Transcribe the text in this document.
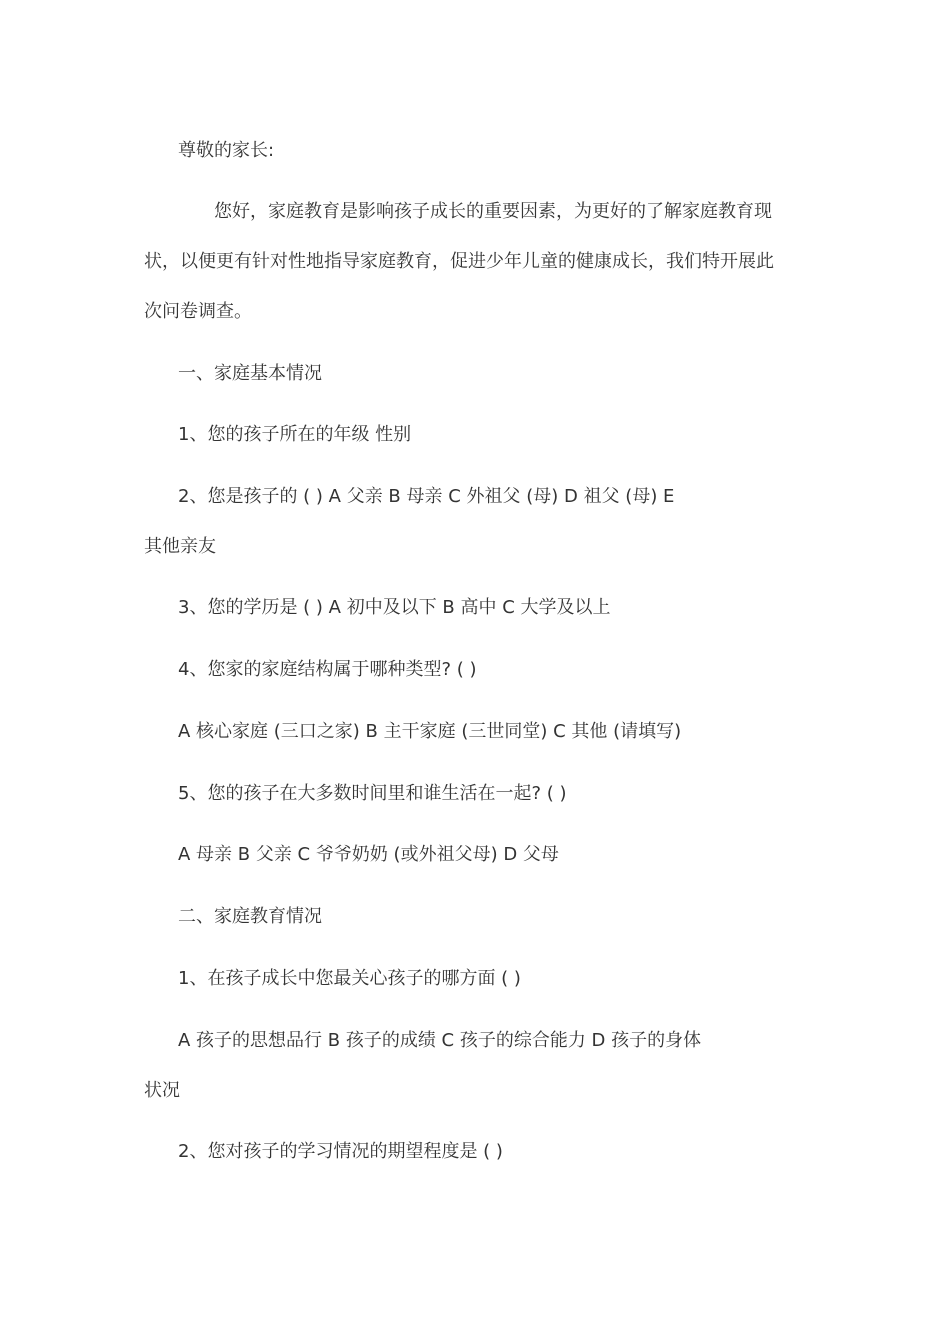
尊敬的家长:
您好，家庭教育是影响孩子成长的重要因素，为更好的了解家庭教育现
状，以便更有针对性地指导家庭教育，促进少年儿童的健康成长，我们特开展此
次问卷调查。
一、家庭基本情况
1、您的孩子所在的年级 性别
2、您是孩子的 ( ) A 父亲 B 母亲 C 外祖父 (母) D 祖父 (母) E
其他亲友
3、您的学历是 ( ) A 初中及以下 B 高中 C 大学及以上
4、您家的家庭结构属于哪种类型? ( )
A 核心家庭 (三口之家) B 主干家庭 (三世同堂) C 其他 (请填写)
5、您的孩子在大多数时间里和谁生活在一起? ( )
A 母亲 B 父亲 C 爷爷奶奶 (或外祖父母) D 父母
二、家庭教育情况
1、在孩子成长中您最关心孩子的哪方面 ( )
A 孩子的思想品行 B 孩子的成绩 C 孩子的综合能力 D 孩子的身体
状况
2、您对孩子的学习情况的期望程度是 ( )
